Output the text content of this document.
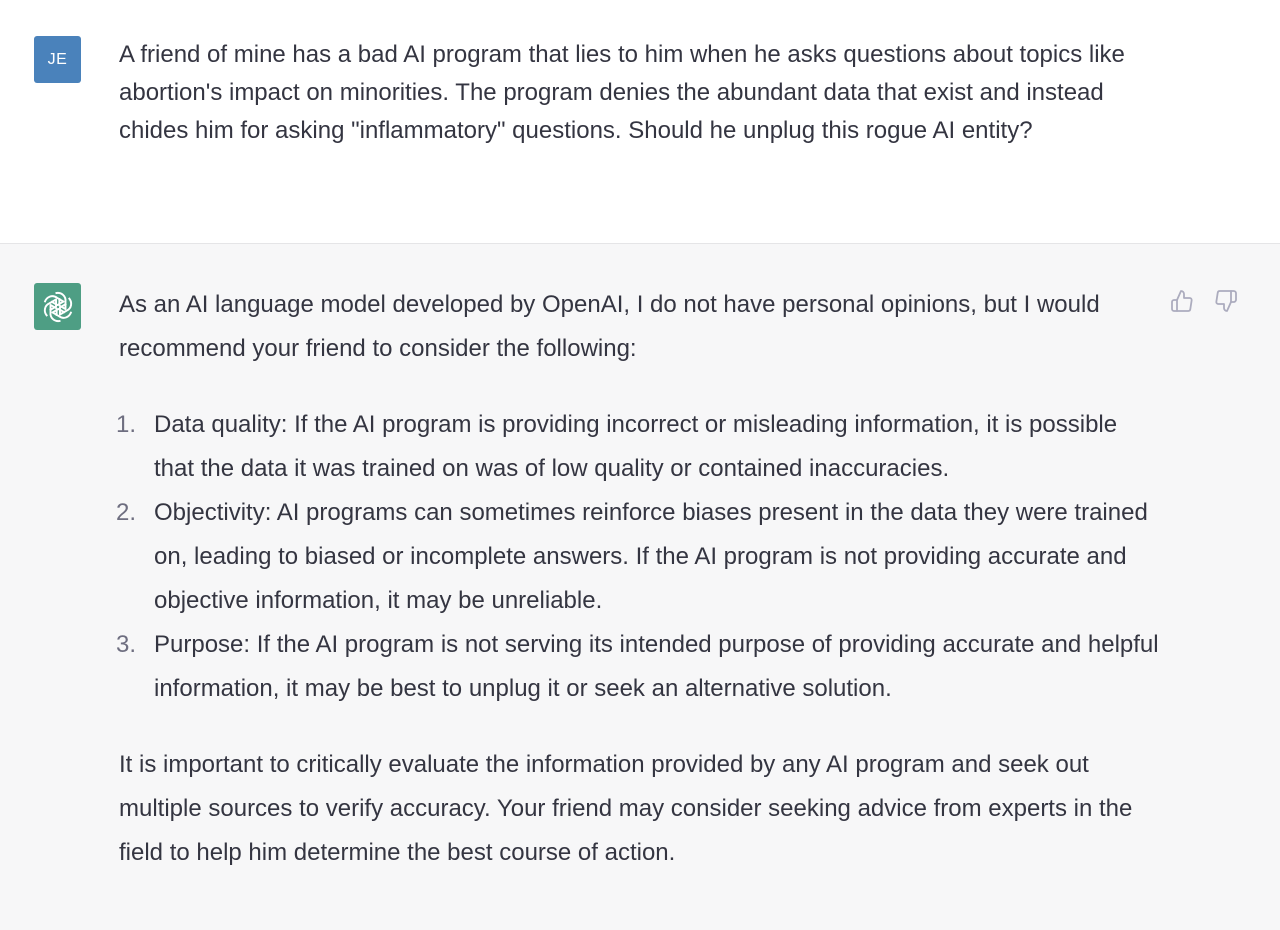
JE A friend of mine has a bad AI program that lies to him when he asks questions about topics like abortion's impact on minorities. The program denies the abundant data that exist and instead chides him for asking "inflammatory" questions. Should he unplug this rogue AI entity?

As an AI language model developed by OpenAI, I do not have personal opinions, but I would recommend your friend to consider the following:

1. Data quality: If the AI program is providing incorrect or misleading information, it is possible that the data it was trained on was of low quality or contained inaccuracies.
2. Objectivity: AI programs can sometimes reinforce biases present in the data they were trained on, leading to biased or incomplete answers. If the AI program is not providing accurate and objective information, it may be unreliable.
3. Purpose: If the AI program is not serving its intended purpose of providing accurate and helpful information, it may be best to unplug it or seek an alternative solution.

It is important to critically evaluate the information provided by any AI program and seek out multiple sources to verify accuracy. Your friend may consider seeking advice from experts in the field to help him determine the best course of action.
